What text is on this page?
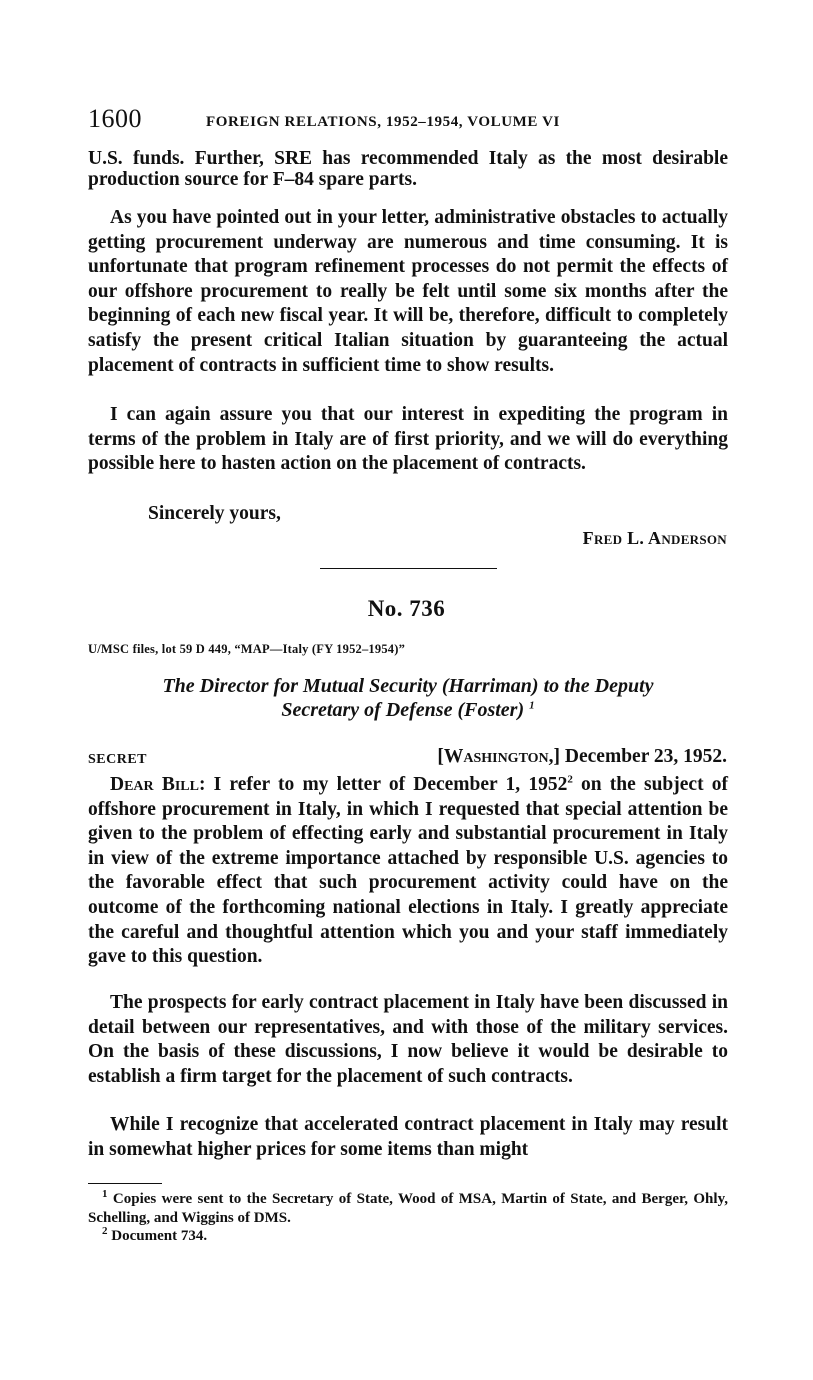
1600	FOREIGN RELATIONS, 1952–1954, VOLUME VI

U.S. funds. Further, SRE has recommended Italy as the most desirable production source for F–84 spare parts.

As you have pointed out in your letter, administrative obstacles to actually getting procurement underway are numerous and time consuming. It is unfortunate that program refinement processes do not permit the effects of our offshore procurement to really be felt until some six months after the beginning of each new fiscal year. It will be, therefore, difficult to completely satisfy the present critical Italian situation by guaranteeing the actual placement of contracts in sufficient time to show results.

I can again assure you that our interest in expediting the program in terms of the problem in Italy are of first priority, and we will do everything possible here to hasten action on the placement of contracts.

Sincerely yours,
Fred L. Anderson
No. 736
U/MSC files, lot 59 D 449, “MAP—Italy (FY 1952–1954)”
The Director for Mutual Security (Harriman) to the Deputy
Secretary of Defense (Foster) $^1$
SECRET	[Washington,] December 23, 1952.

Dear Bill: I refer to my letter of December 1, 1952$^2$ on the subject of offshore procurement in Italy, in which I requested that special attention be given to the problem of effecting early and substantial procurement in Italy in view of the extreme importance attached by responsible U.S. agencies to the favorable effect that such procurement activity could have on the outcome of the forthcoming national elections in Italy. I greatly appreciate the careful and thoughtful attention which you and your staff immediately gave to this question.

The prospects for early contract placement in Italy have been discussed in detail between our representatives, and with those of the military services. On the basis of these discussions, I now believe it would be desirable to establish a firm target for the placement of such contracts.

While I recognize that accelerated contract placement in Italy may result in somewhat higher prices for some items than might

$^1$ Copies were sent to the Secretary of State, Wood of MSA, Martin of State, and Berger, Ohly, Schelling, and Wiggins of DMS.

$^2$ Document 734.
